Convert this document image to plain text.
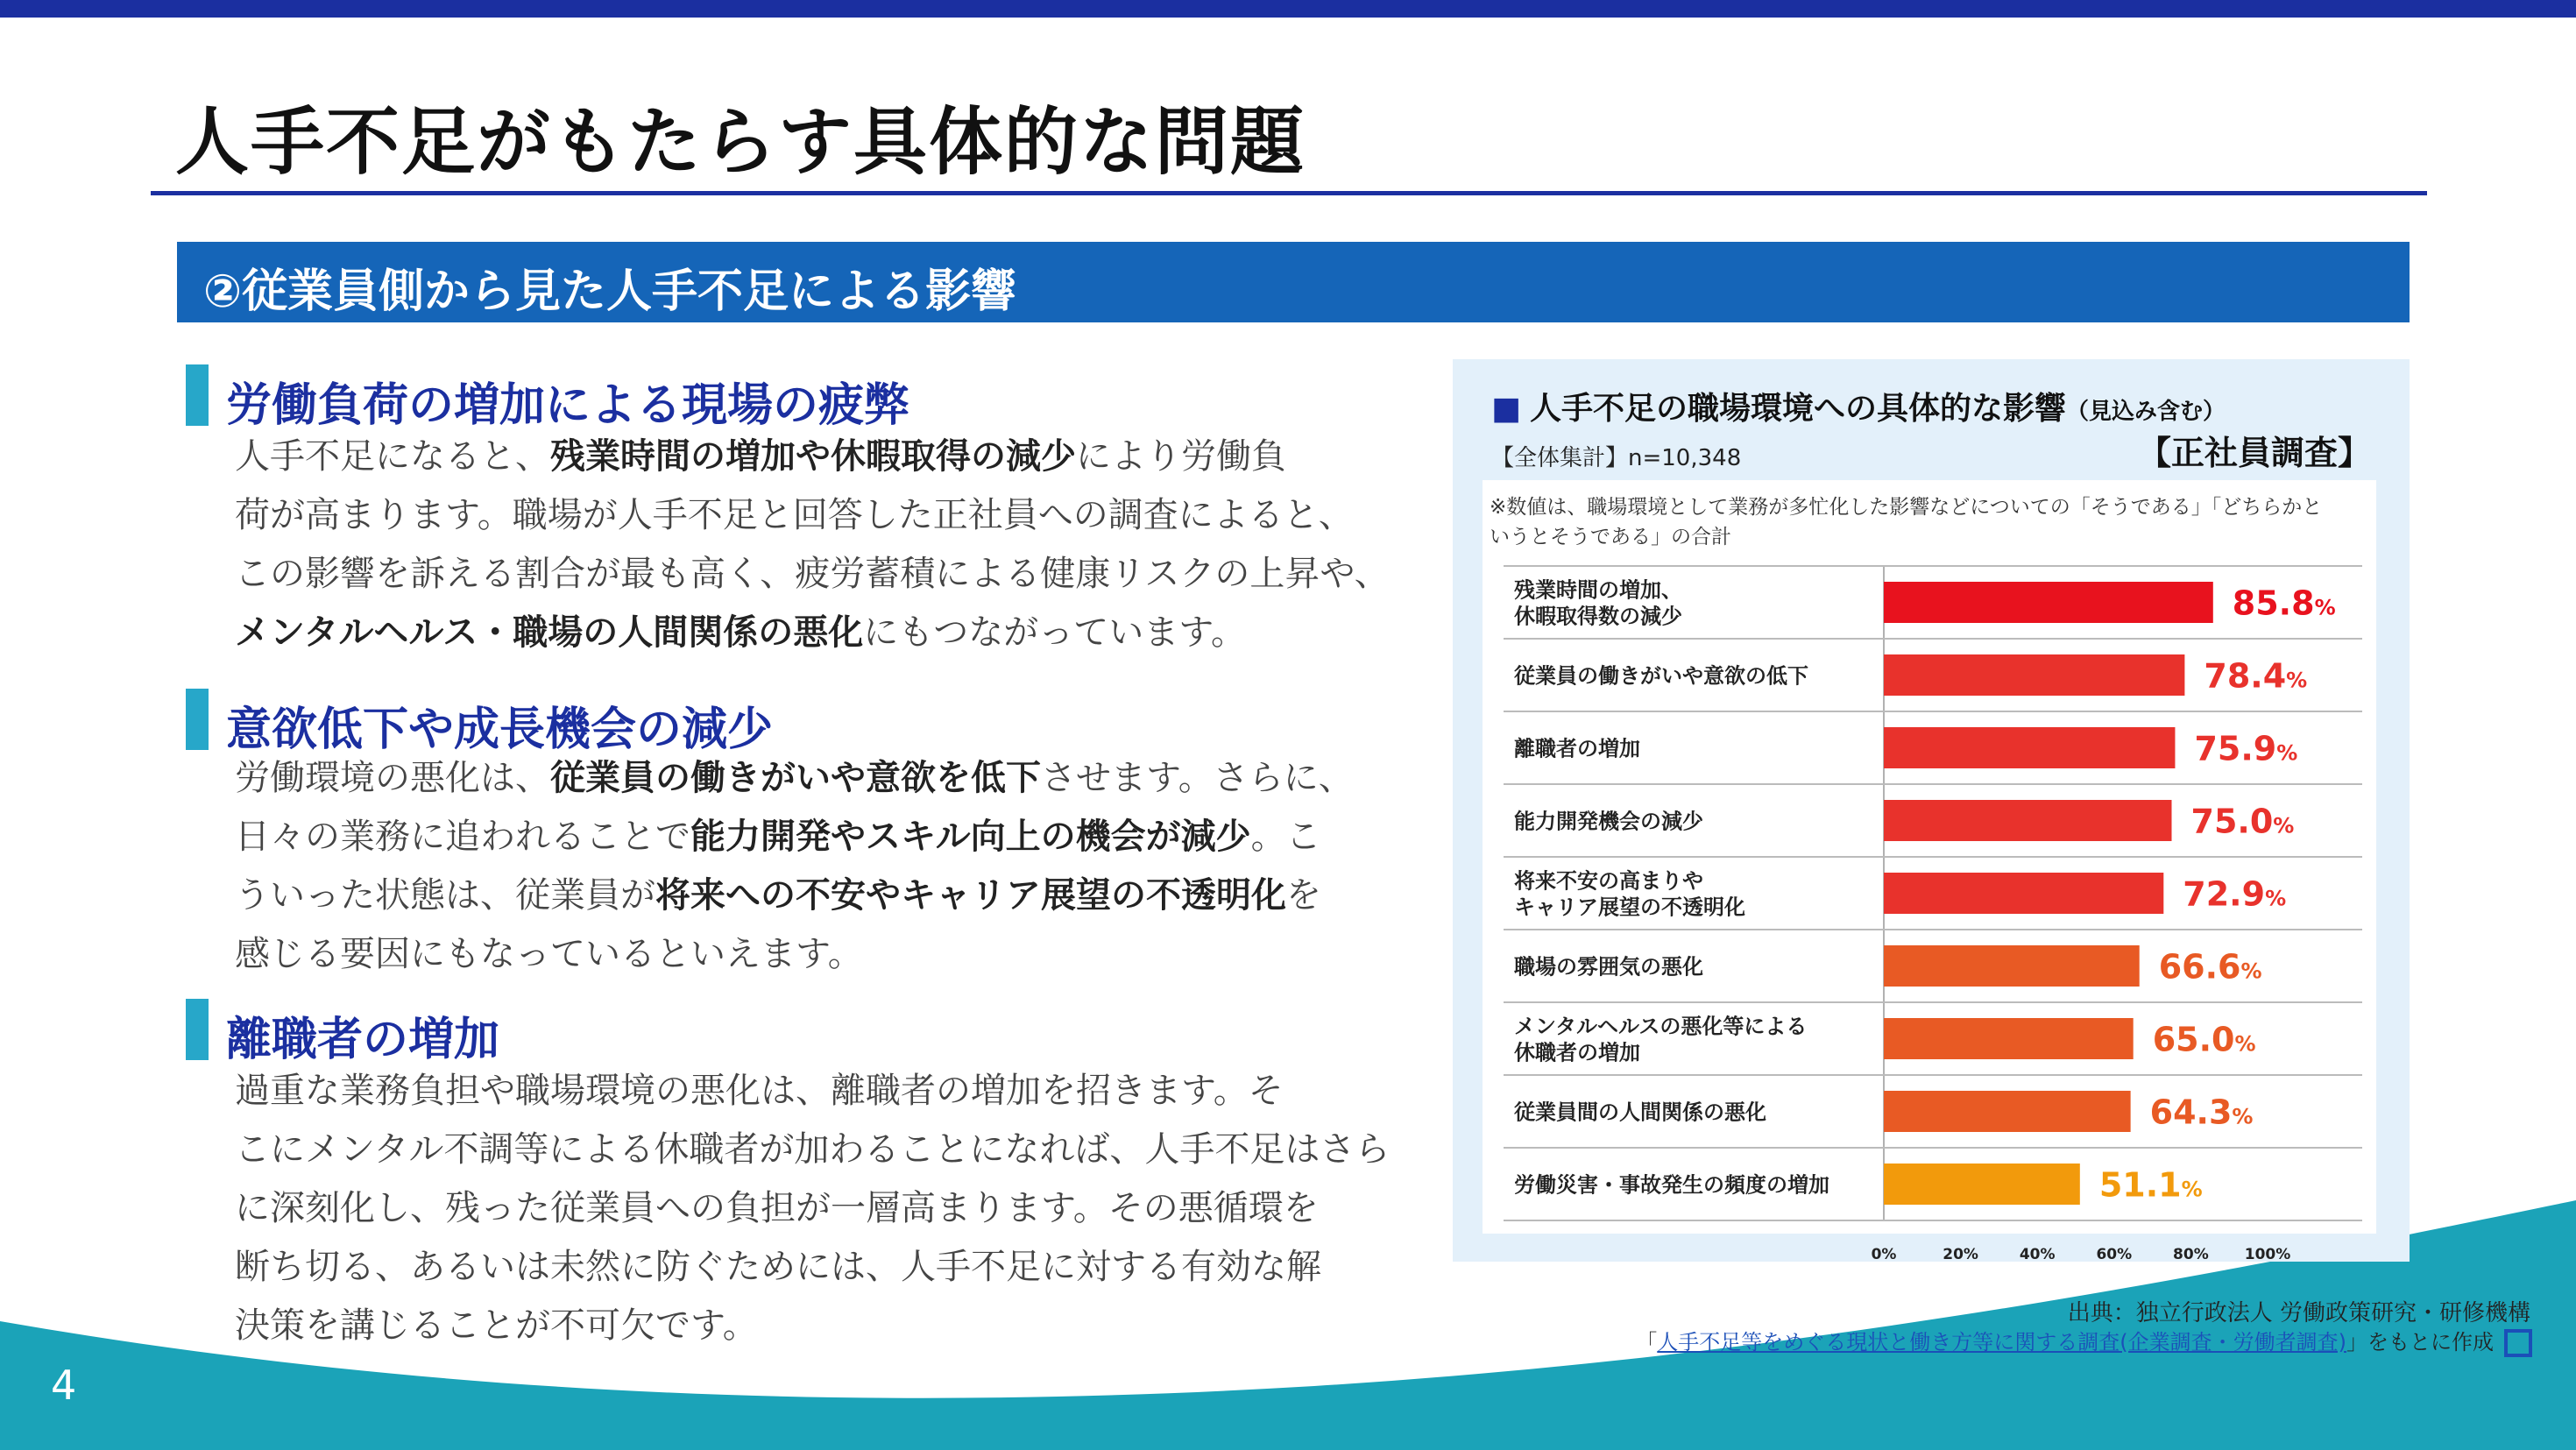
人手不足がもたらす具体的な問題
②従業員側から見た人手不足による影響
労働負荷の増加による現場の疲弊
人手不足になると、残業時間の増加や休暇取得の減少により労働負
荷が高まります。職場が人手不足と回答した正社員への調査によると、
この影響を訴える割合が最も高く、疲労蓄積による健康リスクの上昇や、
メンタルヘルス・職場の人間関係の悪化にもつながっています。
意欲低下や成長機会の減少
労働環境の悪化は、従業員の働きがいや意欲を低下させます。さらに、
日々の業務に追われることで能力開発やスキル向上の機会が減少。こ
ういった状態は、従業員が将来への不安やキャリア展望の不透明化を
感じる要因にもなっているといえます。
離職者の増加
過重な業務負担や職場環境の悪化は、離職者の増加を招きます。そ
こにメンタル不調等による休職者が加わることになれば、人手不足はさら
に深刻化し、残った従業員への負担が一層高まります。その悪循環を
断ち切る、あるいは未然に防ぐためには、人手不足に対する有効な解
決策を講じることが不可欠です。
4
■ 人手不足の職場環境への具体的な影響（見込み含む）
【全体集計】n=10,348	【正社員調査】
※数値は、職場環境として業務が多忙化した影響などについての「そうである」「どちらかと
いうとそうである」の合計
残業時間の増加、休暇取得数の減少	85.8%
従業員の働きがいや意欲の低下	78.4%
離職者の増加	75.9%
能力開発機会の減少	75.0%
将来不安の高まりやキャリア展望の不透明化	72.9%
職場の雰囲気の悪化	66.6%
メンタルヘルスの悪化等による休職者の増加	65.0%
従業員間の人間関係の悪化	64.3%
労働災害・事故発生の頻度の増加	51.1%
0%	20%	40%	60%	80% 100%
出典：独立行政法人 労働政策研究・研修機構
「人手不足等をめぐる現状と働き方等に関する調査(企業調査・労働者調査)」をもとに作成
